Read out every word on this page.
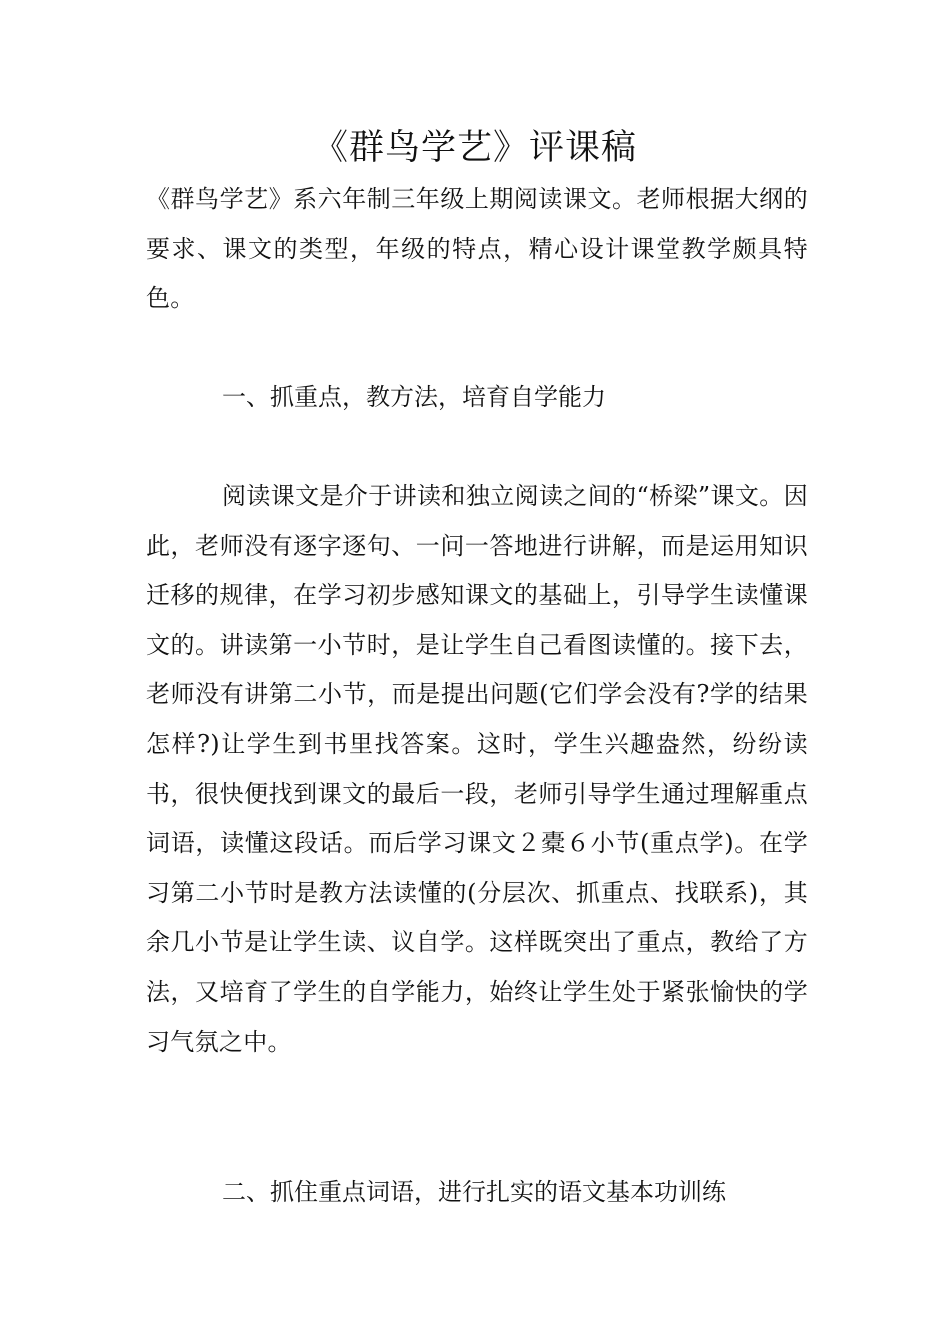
《群鸟学艺》评课稿

《群鸟学艺》系六年制三年级上期阅读课文。老师根据大纲的要求、课文的类型，年级的特点，精心设计课堂教学颇具特色。

一、抓重点，教方法，培育自学能力

阅读课文是介于讲读和独立阅读之间的“桥梁”课文。因此，老师没有逐字逐句、一问一答地进行讲解，而是运用知识迁移的规律，在学习初步感知课文的基础上，引导学生读懂课文的。讲读第一小节时，是让学生自己看图读懂的。接下去，老师没有讲第二小节，而是提出问题(它们学会没有?学的结果怎样?)让学生到书里找答案。这时，学生兴趣盎然，纷纷读书，很快便找到课文的最后一段，老师引导学生通过理解重点词语，读懂这段话。而后学习课文２橐６小节(重点学)。在学习第二小节时是教方法读懂的(分层次、抓重点、找联系)，其余几小节是让学生读、议自学。这样既突出了重点，教给了方法，又培育了学生的自学能力，始终让学生处于紧张愉快的学习气氛之中。

二、抓住重点词语，进行扎实的语文基本功训练
